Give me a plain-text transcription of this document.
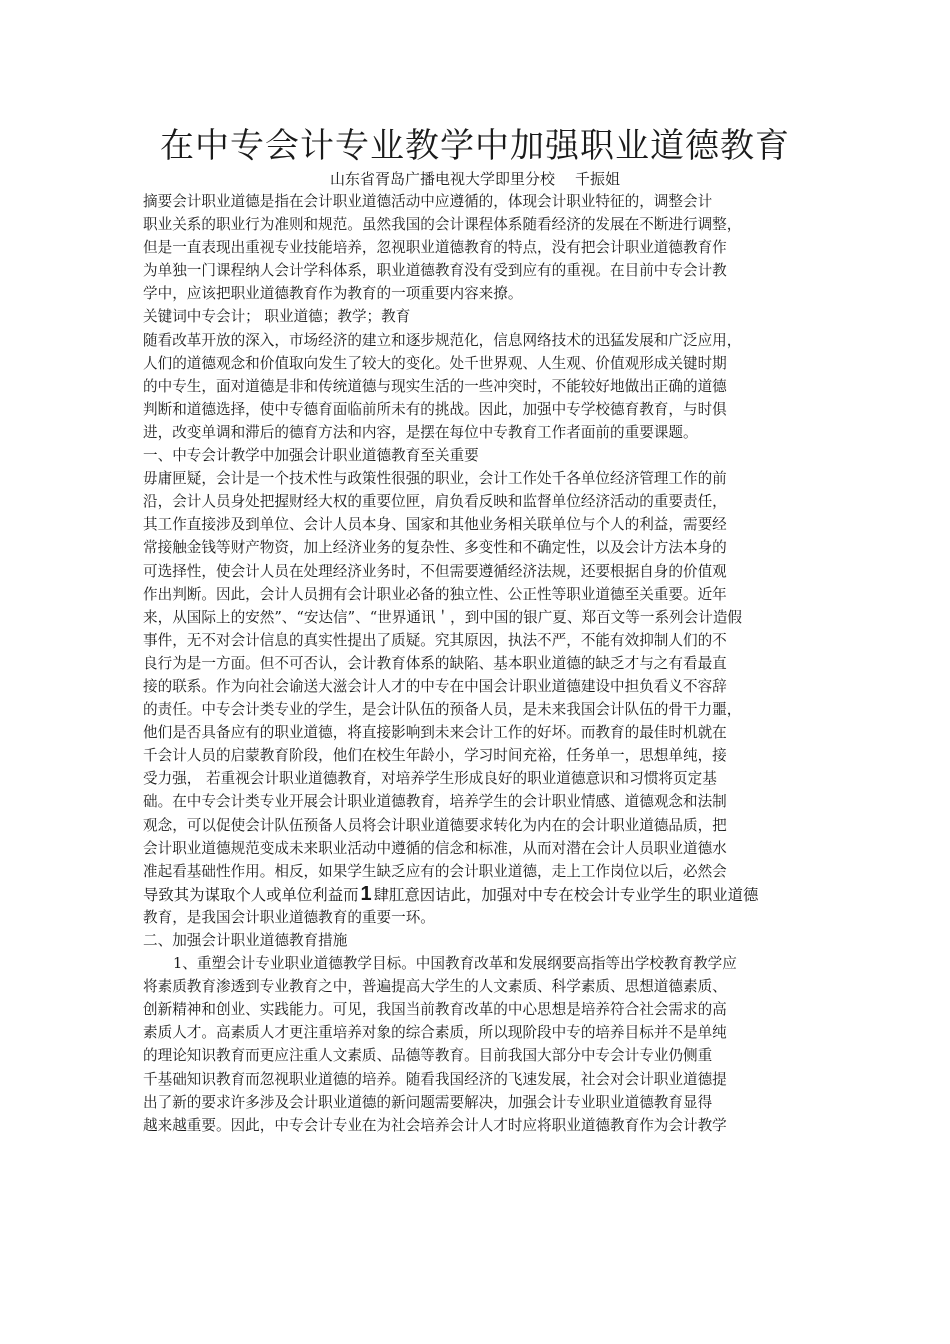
在中专会计专业教学中加强职业道德教育
山东省胥岛广播电视大学即里分校 千振姐
摘要会计职业道德是指在会计职业道德活动中应遵循的，体现会计职业特征的，调整会计
职业关系的职业行为准则和规范。虽然我国的会计课程体系随看经济的发展在不断进行调整，
但是一直表现出重视专业技能培养，忽视职业道德教育的特点，没有把会计职业道德教育作
为单独一门课程纳人会计学科体系，职业道德教育没有受到应有的重视。在目前中专会计教
学中，应该把职业道德教育作为教育的一项重要内容来撩。
关键词中专会计； 职业道德；教学；教育
随看改革开放的深入，市场经济的建立和逐步规范化，信息网络技术的迅猛发展和广泛应用，
人们的道德观念和价值取向发生了较大的变化。处千世界观、人生观、价值观形成关键时期
的中专生，面对道德是非和传统道德与现实生活的一些冲突时，不能较好地做出正确的道德
判断和道德选择，使中专德育面临前所未有的挑战。因此，加强中专学校德育教育，与时俱
进，改变单调和滞后的德育方法和内容，是摆在每位中专教育工作者面前的重要课题。
一、中专会计教学中加强会计职业道德教育至关重要
毋庸匣疑，会计是一个技术性与政策性很强的职业，会计工作处千各单位经济管理工作的前
沿，会计人员身处把握财经大权的重要位匣，肩负看反映和监督单位经济活动的重要责任，
其工作直接涉及到单位、会计人员本身、国家和其他业务相关联单位与个人的利益，需要经
常接触金钱等财产物资，加上经济业务的复杂性、多变性和不确定性，以及会计方法本身的
可选择性，使会计人员在处理经济业务时，不但需要遵循经济法规，还要根据自身的价值观
作出判断。因此，会计人员拥有会计职业必备的独立性、公正性等职业道德至关重要。近年
来，从国际上的安然”、“安达信”、“世界通讯＇，到中国的银广夏、郑百文等一系列会计造假
事件，无不对会计信息的真实性提出了质疑。究其原因，执法不严，不能有效抑制人们的不
良行为是一方面。但不可否认，会计教育体系的缺陷、基本职业道德的缺乏才与之有看最直
接的联系。作为向社会谕送大滋会计人才的中专在中国会计职业道德建设中担负看义不容辞
的责任。中专会计类专业的学生，是会计队伍的预备人员，是未来我国会计队伍的骨干力噩，
他们是否具备应有的职业道德，将直接影响到未来会计工作的好坏。而教育的最佳时机就在
千会计人员的启蒙教育阶段，他们在校生年龄小，学习时间充裕，任务单一，思想单纯，接
受力强， 若重视会计职业道德教育，对培养学生形成良好的职业道德意识和习惯将页定基
础。在中专会计类专业开展会计职业道德教育，培养学生的会计职业情感、道德观念和法制
观念，可以促使会计队伍预备人员将会计职业道德要求转化为内在的会计职业道德品质，把
会计职业道德规范变成未来职业活动中遵循的信念和标准，从而对潜在会计人员职业道德水
准起看基础性作用。相反，如果学生缺乏应有的会计职业道德，走上工作岗位以后，必然会
导致其为谋取个人或单位利益而 1 肆肛意因诘此，加强对中专在校会计专业学生的职业道德
教育，是我国会计职业道德教育的重要一环。
二、加强会计职业道德教育措施
1、重塑会计专业职业道德教学目标。中国教育改革和发展纲要高指等出学校教育教学应
将素质教育渗透到专业教育之中，普遍提高大学生的人文素质、科学素质、思想道德素质、
创新精神和创业、实践能力。可见，我国当前教育改革的中心思想是培养符合社会需求的高
素质人才。高素质人才更注重培养对象的综合素质，所以现阶段中专的培养目标并不是单纯
的理论知识教育而更应注重人文素质、品德等教育。目前我国大部分中专会计专业仍侧重
千基础知识教育而忽视职业道德的培养。随看我国经济的飞速发展，社会对会计职业道德提
出了新的要求许多涉及会计职业道德的新问题需要解决，加强会计专业职业道德教育显得
越来越重要。因此，中专会计专业在为社会培养会计人才时应将职业道德教育作为会计教学
